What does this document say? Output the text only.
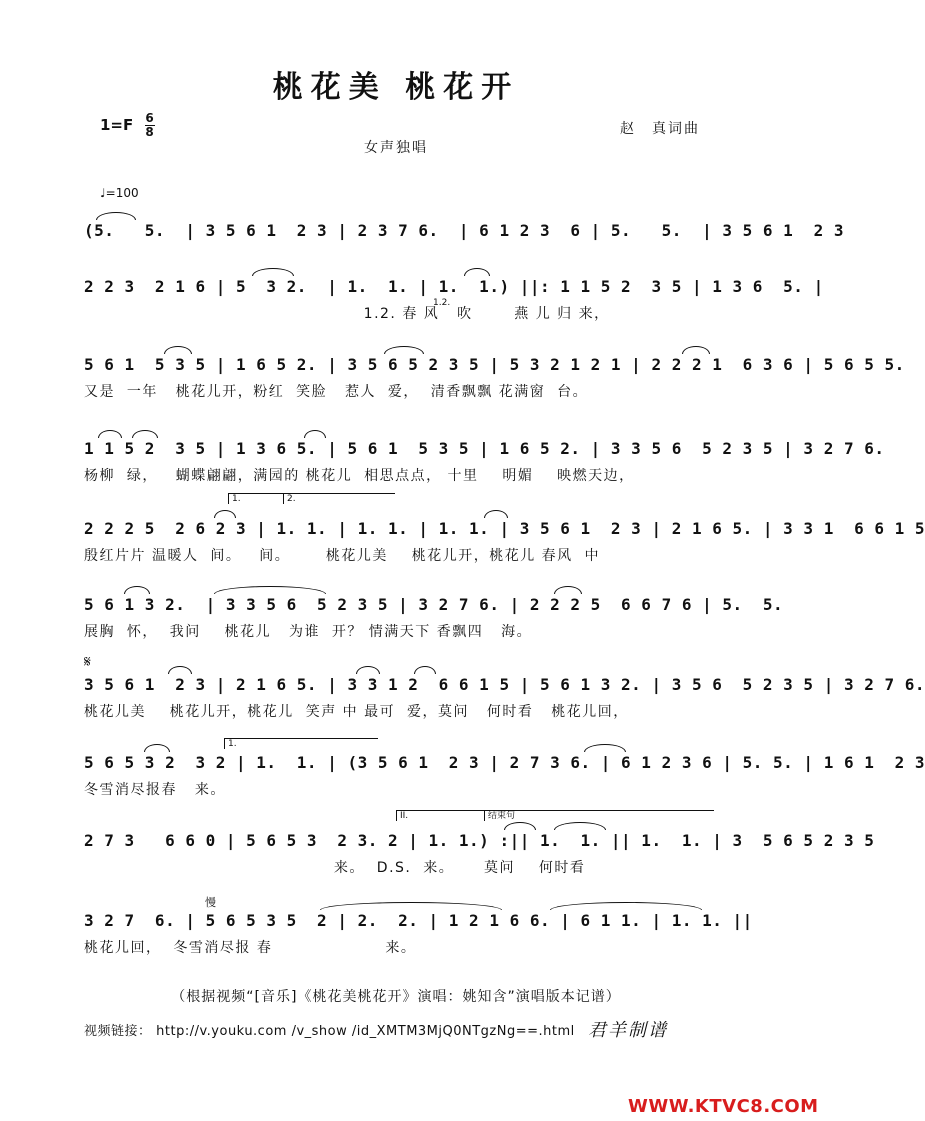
桃花美 桃花开
$1=F \frac{6}{8}$	赵　真词曲
女声独唱
♩=100
(5.   5.  | 3 5 6 1  2 3 | 2 3 7 6.  | 6 1 2 3  6 | 5.   5.  | 3 5 6 1  2 3
2 2 3  2 1 6 | 5  3 2.  | 1.  1. | 1.  1.) ||: 1 1 5 2  3 5 | 1 3 6  5. |
1.2. 春 风   吹       燕 儿 归 来，
5 6 1  5 3 5 | 1 6 5 2. | 3 5 6 5 2 3 5 | 5 3 2 1 2 1 | 2 2 2 1  6 3 6 | 5 6 5 5.
又是  一年   桃花儿开，粉红  笑脸   惹人  爱，  清香飘飘 花满窗  台。
1 1 5 2  3 5 | 1 3 6 5. | 5 6 1  5 3 5 | 1 6 5 2. | 3 3 5 6  5 2 3 5 | 3 2 7 6.
杨柳  绿，   蝴蝶翩翩，满园的 桃花儿  相思点点， 十里    明媚    映燃天边，
2 2 2 5  2 6 2 3 | 1. 1. | 1. 1. | 1. 1. | 3 5 6 1  2 3 | 2 1 6 5. | 3 3 1  6 6 1 5
殷红片片 温暖人  间。   间。      桃花儿美    桃花儿开，桃花儿 春风  中
5 6 1 3 2.  | 3 3 5 6  5 2 3 5 | 3 2 7 6. | 2 2 2 5  6 6 7 6 | 5.  5.
展胸  怀，  我问    桃花儿   为谁  开？ 情满天下 香飘四   海。
3 5 6 1  2 3 | 2 1 6 5. | 3 3 1 2  6 6 1 5 | 5 6 1 3 2. | 3 5 6  5 2 3 5 | 3 2 7 6.
桃花儿美    桃花儿开，桃花儿  笑声 中 最可  爱，莫问   何时看   桃花儿回，
5 6 5 3 2  3 2 | 1.  1. | (3 5 6 1  2 3 | 2 7 3 6. | 6 1 2 3 6 | 5. 5. | 1 6 1  2 3
冬雪消尽报春   来。
2 7 3   6 6 0 | 5 6 5 3  2 3. 2 | 1. 1.) :|| 1.  1. || 1.  1. | 3  5 6 5 2 3 5
来。  D.S.  来。     莫问    何时看
3 2 7  6. | 5 6 5 3 5  2 | 2.  2. | 1 2 1 6 6. | 6 1 1. | 1. 1. ||
桃花儿回，  冬雪消尽报 春                   来。
𝄋
1.2.
1.	2.
1.
II.	结束句
慢
（根据视频“[音乐]《桃花美桃花开》演唱：姚知含”演唱版本记谱）
视频链接： http://v.youku.com /v_show /id_XMTM3MjQ0NTgzNg==.html 君羊制谱
WWW.KTVC8.COM
